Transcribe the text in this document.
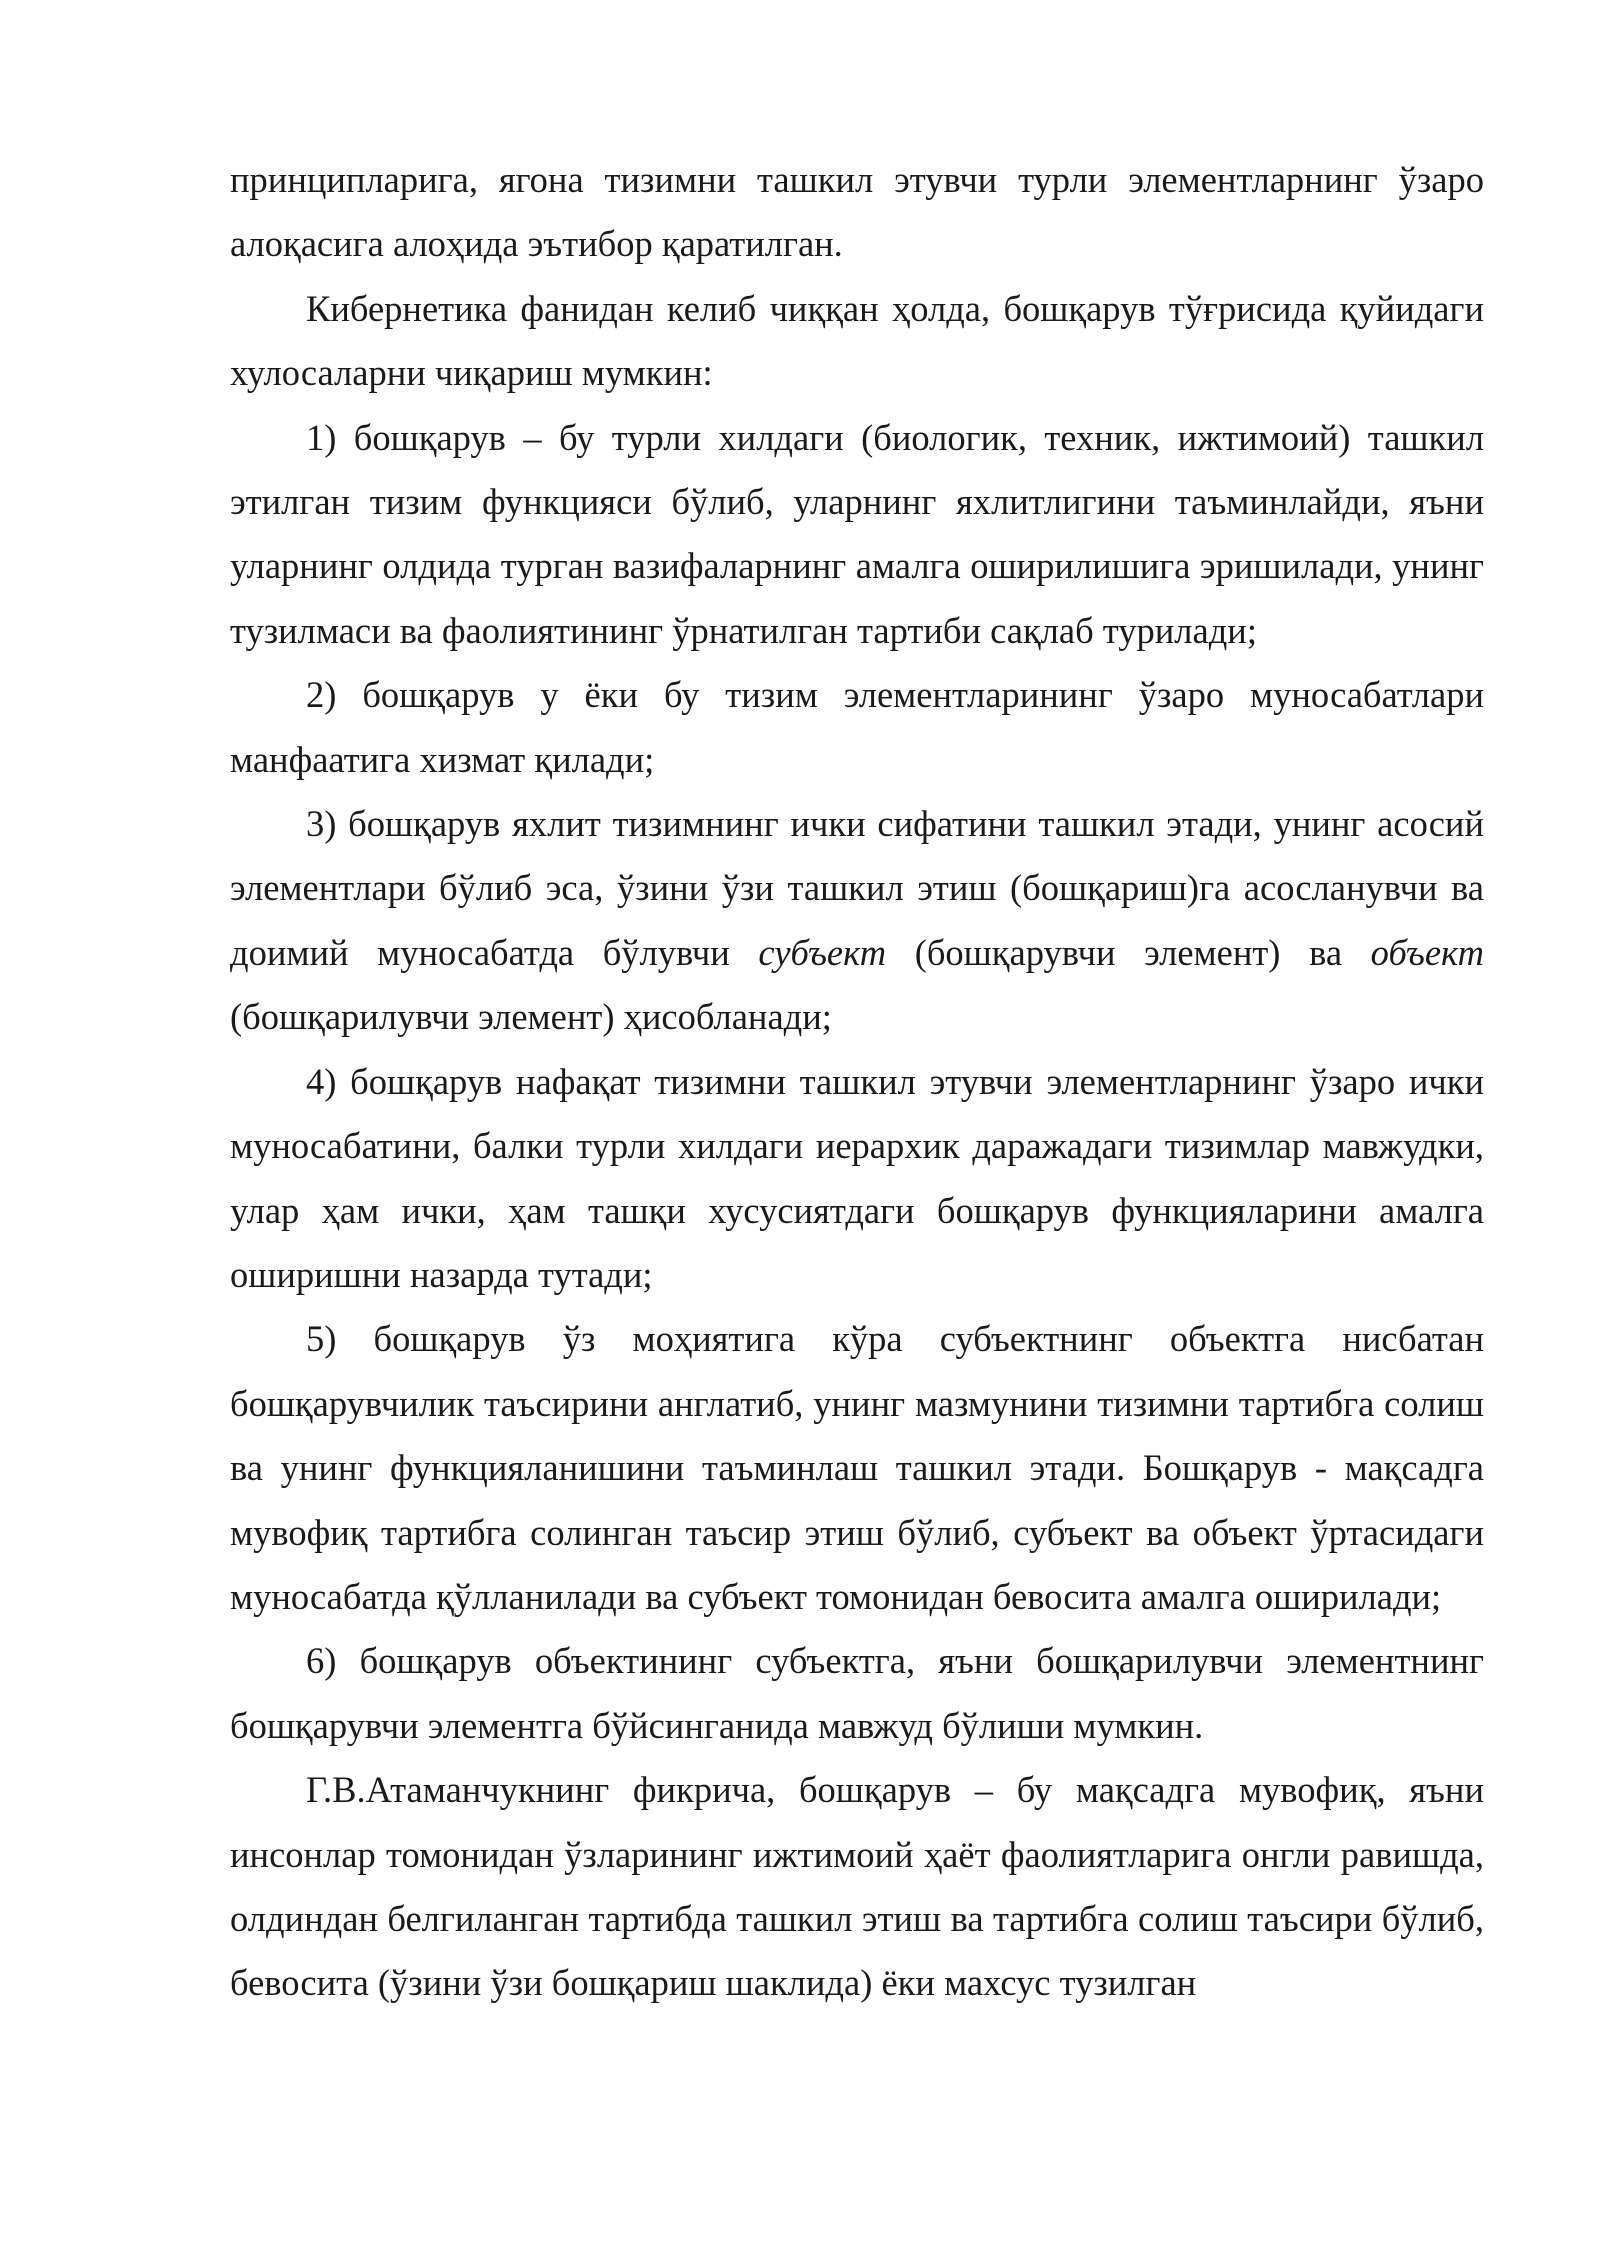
принципларига, ягона тизимни ташкил этувчи турли элементларнинг ўзаро алоқасига алоҳида эътибор қаратилган.

Кибернетика фанидан келиб чиққан ҳолда, бошқарув тўғрисида қуйидаги хулосаларни чиқариш мумкин:

1) бошқарув – бу турли хилдаги (биологик, техник, ижтимоий) ташкил этилган тизим функцияси бўлиб, уларнинг яхлитлигини таъминлайди, яъни уларнинг олдида турган вазифаларнинг амалга оширилишига эришилади, унинг тузилмаси ва фаолиятининг ўрнатилган тартиби сақлаб турилади;

2) бошқарув у ёки бу тизим элементларининг ўзаро муносабатлари манфаатига хизмат қилади;

3) бошқарув яхлит тизимнинг ички сифатини ташкил этади, унинг асосий элементлари бўлиб эса, ўзини ўзи ташкил этиш (бошқариш)га асосланувчи ва доимий муносабатда бўлувчи субъект (бошқарувчи элемент) ва объект (бошқарилувчи элемент) ҳисобланади;

4) бошқарув нафақат тизимни ташкил этувчи элементларнинг ўзаро ички муносабатини, балки турли хилдаги иерархик даражадаги тизимлар мавжудки, улар ҳам ички, ҳам ташқи хусусиятдаги бошқарув функцияларини амалга оширишни назарда тутади;

5) бошқарув ўз моҳиятига кўра субъектнинг объектга нисбатан бошқарувчилик таъсирини англатиб, унинг мазмунини тизимни тартибга солиш ва унинг функцияланишини таъминлаш ташкил этади. Бошқарув - мақсадга мувофиқ тартибга солинган таъсир этиш бўлиб, субъект ва объект ўртасидаги муносабатда қўлланилади ва субъект томонидан бевосита амалга оширилади;

6) бошқарув объектининг субъектга, яъни бошқарилувчи элементнинг бошқарувчи элементга бўйсинганида мавжуд бўлиши мумкин.

Г.В.Атаманчукнинг фикрича, бошқарув – бу мақсадга мувофиқ, яъни инсонлар томонидан ўзларининг ижтимоий ҳаёт фаолиятларига онгли равишда, олдиндан белгиланган тартибда ташкил этиш ва тартибга солиш таъсири бўлиб, бевосита (ўзини ўзи бошқариш шаклида) ёки махсус тузилган
